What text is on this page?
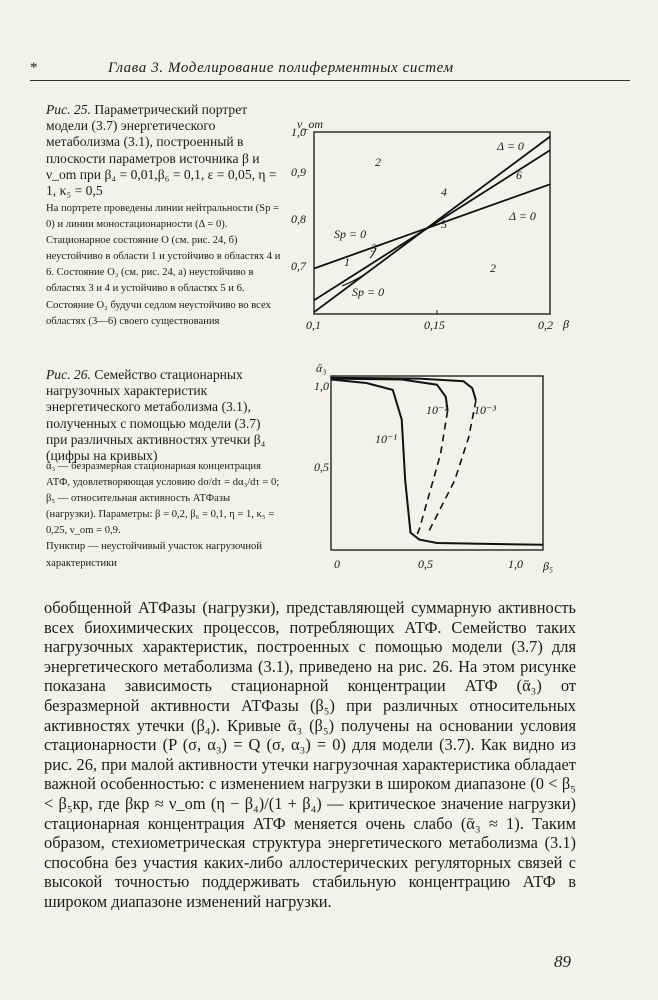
*	Глава 3. Моделирование полиферментных систем
Рис. 25. Параметрический портрет модели (3.7) энергетического метаболизма (3.1), построенный в плоскости параметров источника β и ν_om при β₄ = 0,01,β₆ = 0,1, ε = 0,05, η = 1, κ₅ = 0,5
На портрете проведены линии нейтральности (Sp = 0) и линии моностационарности (Δ = 0). Стационарное состояние O (см. рис. 24, б) неустойчиво в области 1 и устойчиво в областях 4 и 6. Состояние O₃ (см. рис. 24, а) неустойчиво в областях 3 и 4 и устойчиво в областях 5 и 6. Состояние O₂ будучи седлом неустойчиво во всех областях (3—6) своего существования
Рис. 26. Семейство стационарных нагрузочных характеристик энергетического метаболизма (3.1), полученных с помощью модели (3.7) при различных активностях утечки β₄ (цифры на кривых)
ᾱ₃ — безразмерная стационарная концентрация АТФ, удовлетворяющая условию dσ/dτ = dα₃/dτ = 0; β₅ — относительная активность АТФазы (нагрузки). Параметры: β = 0,2, β₆ = 0,1, η = 1, κ₅ = 0,25, ν_om = 0,9.
Пунктир — неустойчивый участок нагрузочной характеристики
ν_om
β
1,0
0,9
0,8
0,7
0,1	0,15	0,2
Δ = 0
Δ = 0
Sp = 0
Sp = 0
1
2
2
3
4
5
6
ᾱ₃
β₅
1,0
0,5
0	0,5	1,0
10⁻¹
10⁻² 10⁻³

обобщенной АТФазы (нагрузки), представляющей суммарную активность всех биохимических процессов, потребляющих АТФ. Семейство таких нагрузочных характеристик, построенных с помощью модели (3.7) для энергетического метаболизма (3.1), приведено на рис. 26. На этом рисунке показана зависимость стационарной концентрации АТФ (ᾱ₃) от безразмерной активности АТФазы (β₅) при различных относительных активностях утечки (β₄). Кривые ᾱ₃ (β₅) получены на основании условия стационарности (P (σ, α₃) = Q (σ, α₃) = 0) для модели (3.7). Как видно из рис. 26, при малой активности утечки нагрузочная характеристика обладает важной особенностью: с изменением нагрузки в широком диапазоне (0 < β₅ < β₅кр, где βкр ≈ ν_om (η − β₄)/(1 + β₄) — критическое значение нагрузки) стационарная концентрация АТФ меняется очень слабо (ᾱ₃ ≈ 1). Таким образом, стехиометрическая структура энергетического метаболизма (3.1) способна без участия каких-либо аллостерических регуляторных связей с высокой точностью поддерживать стабильную концентрацию АТФ в широком диапазоне изменений нагрузки.

89
